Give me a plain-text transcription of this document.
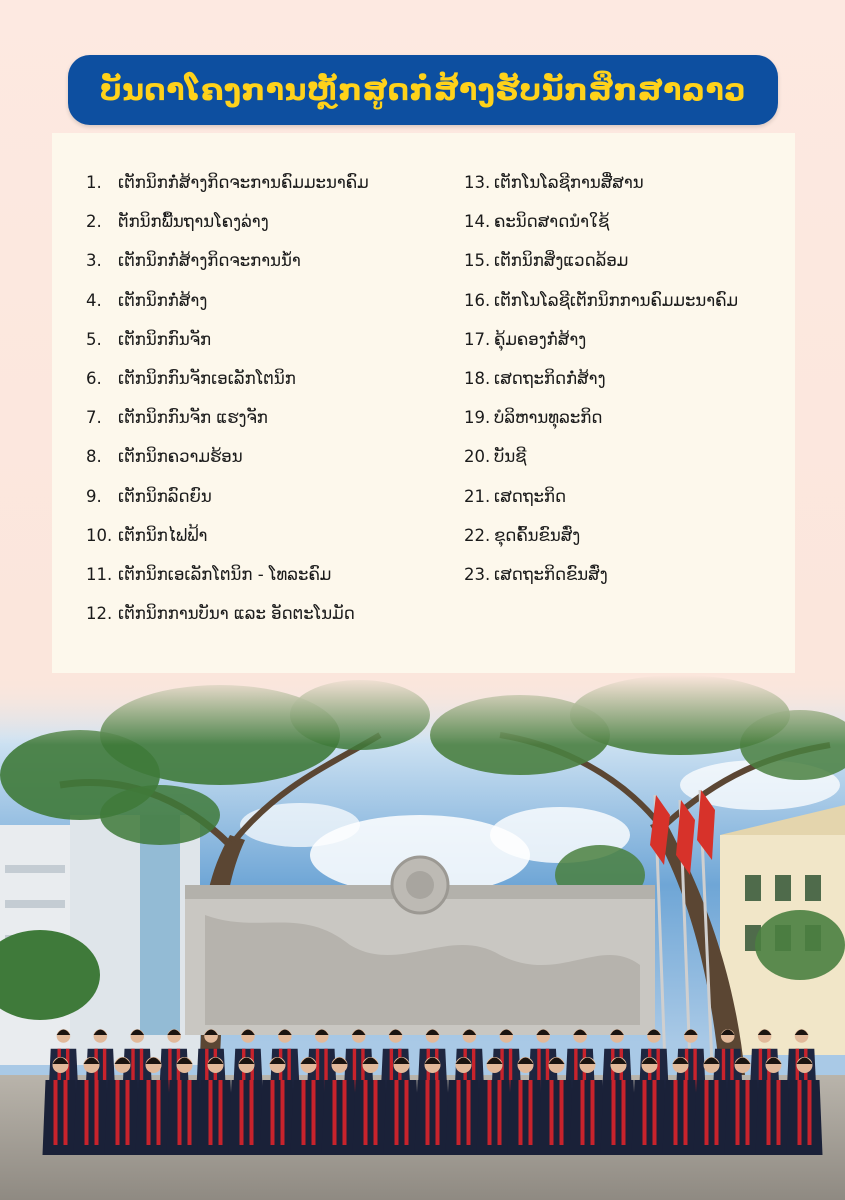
ບັນດາໂຄງການຫຼັກສູດກໍ່ສ້າງຮັບນັກສຶກສາລາວ
1. ເຕັກນິກກໍ່ສ້າງກິດຈະການຄົມມະນາຄົມ
2. ຕັກນິກພື້ນຖານໂຄງລ່າງ
3. ເຕັກນິກກໍ່ສ້າງກິດຈະການນ້ຳ
4. ເຕັກນິກກໍ່ສ້າງ
5. ເຕັກນິກກົນຈັກ
6. ເຕັກນິກກົນຈັກເອເລັກໂຕນິກ
7. ເຕັກນິກກົນຈັກ ແຮງຈັກ
8. ເຕັກນິກຄວາມຮ້ອນ
9. ເຕັກນິກລົດຍົນ
10. ເຕັກນິກໄຟຟ້າ
11. ເຕັກນິກເອເລັກໂຕນິກ - ໂທລະຄົມ
12. ເຕັກນິກການບັນາ ແລະ ອັດຕະໂນມັດ
13. ເຕັກໂນໂລຊີການສື່ສານ
14. ຄະນິດສາດນຳໃຊ້
15. ເຕັກນິກສິ່ງແວດລ້ອມ
16. ເຕັກໂນໂລຊີເຕັກນິກການຄົມມະນາຄົມ
17. ຄຸ້ມຄອງກໍ່ສ້າງ
18. ເສດຖະກິດກໍ່ສ້າງ
19. ບໍລິຫານທຸລະກິດ
20. ບັນຊີ
21. ເສດຖະກິດ
22. ຂຸດຄົ້ນຂົນສົ່ງ
23. ເສດຖະກິດຂົນສົ່ງ
